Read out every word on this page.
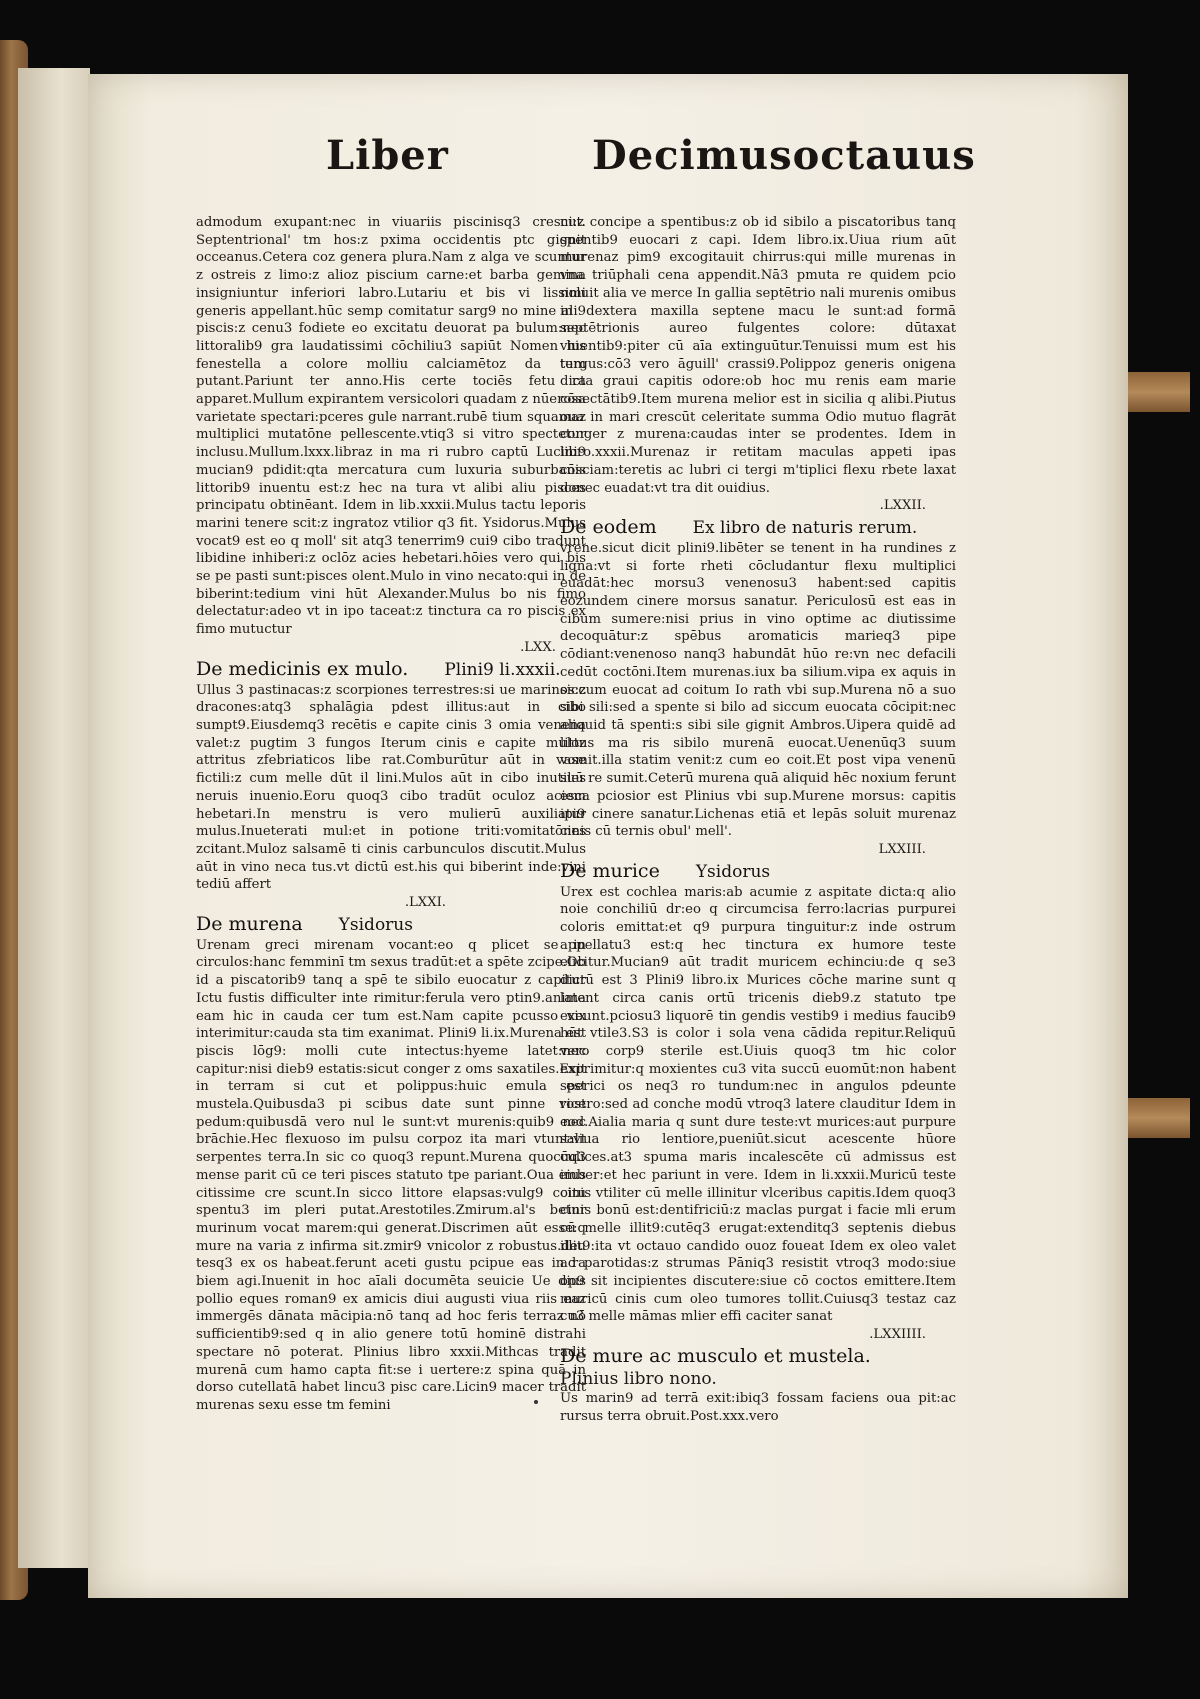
Liber	Decimusoctauus

admodum exupant:nec in viuariis piscinisq3 crescut. Septentrional' tm hos:z pxima occidentis ptc gignit occeanus.Cetera coz genera plura.Nam z alga ve scuntur z ostreis z limo:z alioz piscium carne:et barba gemina insigniuntur inferiori labro.Lutariu et bis vi lissimi generis appellant.hūc semp comitatur sarg9 no mine ali9 piscis:z cenu3 fodiete eo excitatu deuorat pa bulum:nec littoralib9 gra laudatissimi cōchiliu3 sapiūt Nomen his fenestella a colore molliu calciamētoz da tum putant.Pariunt ter anno.His certe tociēs fetu ra apparet.Mullum expirantem versicolori quadam z nūerosa varietate spectari:pceres gule narrant.rubē tium squamaz multiplici mutatōne pellescente.vtiq3 si vitro spectetur inclusu.Mullum.lxxx.libraz in ma ri rubro captū Lucini9 mucian9 pdidit:qta mercatura cum luxuria suburbanis littorib9 inuentu est:z hec na tura vt alibi aliu pisces principatu obtinēant. Idem in lib.xxxii.Mulus tactu leporis marini tenere scit:z ingratoz vtilior q3 fit. Ysidorus.Mulus vocat9 est eo q moll' sit atq3 tenerrim9 cui9 cibo tradunt libidine inhiberi:z oclōz acies hebetari.hōies vero qui bis se pe pasti sunt:pisces olent.Mulo in vino necato:qui in de biberint:tedium vini hūt Alexander.Mulus bo nis fimo delectatur:adeo vt in ipo taceat:z tinctura ca ro piscis ex fimo mutuctur

.LXX.

De medicinis ex mulo. Plini9 li.xxxii.

Ullus 3 pastinacas:z scorpiones terrestres:si ue marinos:z dracones:atq3 sphalāgia pdest illitus:aut in cibo sumpt9.Eiusdemq3 recētis e capite cinis 3 omia venena valet:z pugtim 3 fungos Iterum cinis e capite muloz attritus zfebriaticos libe rat.Comburūtur aūt in vase fictili:z cum melle dūt il lini.Mulos aūt in cibo inutiles neruis inuenio.Eoru quoq3 cibo tradūt oculoz aciem hebetari.In menstru is vero mulierū auxiliatur mulus.Inueterati mul:et in potione triti:vomitatōnes zcitant.Muloz salsamē ti cinis carbunculos discutit.Mulus aūt in vino neca tus.vt dictū est.his qui biberint inde:vini tediū affert

.LXXI.

De murena Ysidorus

Urenam greci mirenam vocant:eo q plicet se in circulos:hanc femminī tm sexus tradūt:et a spēte zcipe.Ob id a piscatorib9 tanq a spē te sibilo euocatur z capitur Ictu fustis difficulter inte rimitur:ferula vero ptin9.anima eam hic in cauda cer tum est.Nam capite pcusso vix interimitur:cauda sta tim exanimat. Plini9 li.ix.Murena est piscis lōg9: molli cute intectus:hyeme latet:nec capitur:nisi dieb9 estatis:sicut conger z oms saxatiles.Exit in terram si cut et polippus:huic emula est mustela.Quibusda3 pi scibus date sunt pinne vice pedum:quibusdā vero nul le sunt:vt murenis:quib9 nec brāchie.Hec flexuoso im pulsu corpoz ita mari vtunt:vt serpentes terra.In sic co quoq3 repunt.Murena quocūq3 mense parit cū ce teri pisces statuto tpe pariant.Oua eius citissime cre scunt.In sicco littore elapsas:vulg9 coitu spentu3 im pleri putat.Arestotiles.Zmirum.al's betur murinum vocat marem:qui generat.Discrimen aūt esse:q mure na varia z infirma sit.zmir9 vnicolor z robustus.deu tesq3 ex os habeat.ferunt aceti gustu pcipue eas in ra biem agi.Inuenit in hoc aīali documēta seuicie Ue dius pollio eques roman9 ex amicis diui augusti viua riis eaz immergēs dānata mācipia:nō tanq ad hoc feris terraz nō sufficientib9:sed q in alio genere totū hominē distrahi spectare nō poterat. Plinius libro xxxii.Mithcas tradit murenā cum hamo capta fit:se i uertere:z spina quā in dorso cutellatā habet lincu3 pisc care.Licin9 macer tradit murenas sexu esse tm femini

ni:z concipe a spentibus:z ob id sibilo a piscatoribus tanq spentib9 euocari z capi. Idem libro.ix.Uiua rium aūt murenaz pim9 excogitauit chirrus:qui mille murenas in vna triūphali cena appendit.Nā3 pmuta re quidem pcio noluit alia ve merce In gallia septētrio nali murenis omibus in dextera maxilla septene macu le sunt:ad formā septētrionis aureo fulgentes colore: dūtaxat viuentib9:piter cū aīa extinguūtur.Tenuissi mum est his tergus:cō3 vero āguill' crassi9.Polippoz generis onigena dicta graui capitis odore:ob hoc mu renis eam marie cōsectātib9.Item murena melior est in sicilia q alibi.Piutus oua in mari crescūt celeritate summa Odio mutuo flagrāt conger z murena:caudas inter se prodentes. Idem in libro.xxxii.Murenaz ir retitam maculas appeti ipas cōsciam:teretis ac lubri ci tergi m'tiplici flexu rbete laxat donec euadat:vt tra dit ouidius.

.LXXII.

De eodem Ex libro de naturis rerum.

vrene.sicut dicit plini9.libēter se tenent in ha rundines z ligna:vt si forte rheti cōcludantur flexu multiplici euadāt:hec morsu3 venenosu3 habent:sed capitis eozundem cinere morsus sanatur. Periculosū est eas in cibum sumere:nisi prius in vino optime ac diutissime decoquātur:z spēbus aromaticis marieq3 pipe cōdiant:venenoso nanq3 habundāt hūo re:vn nec defacili cedūt coctōni.Item murenas.iux ba silium.vipa ex aquis in siccum euocat ad coitum Io rath vbi sup.Murena nō a suo sibi sili:sed a spente si bilo ad siccum euocata cōcipit:nec aliquid tā spenti:s sibi sile gignit Ambros.Uipera quidē ad littus ma ris sibilo murenā euocat.Uenenūq3 suum vomit.illa statim venit:z cum eo coit.Et post vipa venenū suū re sumit.Ceterū murena quā aliquid hēc noxium ferunt esca pciosior est Plinius vbi sup.Murene morsus: capitis ipi9 cinere sanatur.Lichenas etiā et lepās soluit murenaz cinis cū ternis obul' mell'.

LXXIII.

De murice Ysidorus

Urex est cochlea maris:ab acumie z aspitate dicta:q alio noie conchiliū dr:eo q circumcisa ferro:lacrias purpurei coloris emittat:et q9 purpura tinguitur:z inde ostrum appellatu3 est:q hec tinctura ex humore teste elicitur.Mucian9 aūt tradit muricem echinciu:de q se3 dictū est 3 Plini9 libro.ix Murices cōche marine sunt q latent circa canis ortū tricenis dieb9.z statuto tpe exeunt.pciosu3 liquorē tin gendis vestib9 i medius faucib9 hūt vtile3.S3 is color i sola vena cādida repitur.Reliquū vero corp9 sterile est.Uiuis quoq3 tm hic color exprimitur:q moxientes cu3 vita succū euomūt:non habent sperici os neq3 ro tundum:nec in angulos pdeunte rostro:sed ad conche modū vtroq3 latere clauditur Idem in eod.Aialia maria q sunt dure teste:vt murices:aut purpure saliua rio lentiore,pueniūt.sicut acescente hūore culices.at3 spuma maris incalescēte cū admissus est imber:et hec pariunt in vere. Idem in li.xxxii.Muricū teste cinis vtiliter cū melle illinitur vlceribus capitis.Idem quoq3 cinis bonū est:dentifriciū:z maclas purgat i facie mli erum cū melle illit9:cutēq3 erugat:extenditq3 septenis diebus illit9:ita vt octauo candido ouoz foueat Idem ex oleo valet ad parotidas:z strumas Pāniq3 resistit vtroq3 modo:siue op9 sit incipientes discutere:siue cō coctos emittere.Item muricū cinis cum oleo tumores tollit.Cuiusq3 testaz caz cu3 melle māmas mlier effi caciter sanat

.LXXIIII.

De mure ac musculo et mustela.

Plinius libro nono.

Us marin9 ad terrā exit:ibiq3 fossam faciens oua pit:ac rursus terra obruit.Post.xxx.vero
